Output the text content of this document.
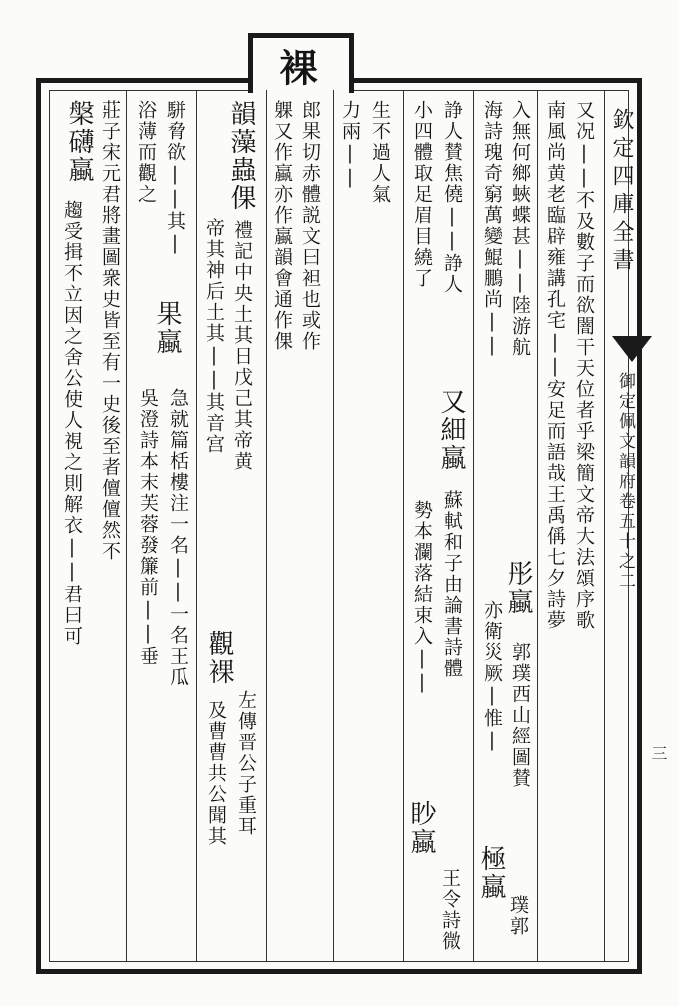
欽定四庫全書
御定佩文韻府卷五十之二
三
又况||不及數子而欲闇干天位者乎梁簡文帝大法頌序歌
南風尚黄老臨辟雍講孔宅||安足而語哉王禹偁七夕詩夢
入無何鄉蛺蝶甚||陸游航
彤蠃
郭璞西山經圖賛
海詩瑰奇窮萬變鯤鵬尚||
亦衛災厥|惟|
極蠃
璞郭
諍人賛焦僥||諍人
又細蠃
蘇軾和子由論書詩體
小四體取足眉目繞了
勢本瀾落結束入||
眇蠃
王令詩微
生不過人氣
力兩||
裸
郎果切赤體説文曰袒也或作
躶又作蠃亦作蠃韻會通作倮
韻藻蟲倮
禮記中央土其日戊己其帝黄
觀裸
左傳晋公子重耳
帝其神后土其||其音宫
及曹曹共公聞其
駢脅欲||其|
果蠃
急就篇栝樓注一名||一名王瓜
浴薄而觀之
吳澄詩本末芙蓉發簾前||垂
槃礴蠃 莊子宋元君將畫圖衆史皆至有一史後至者儃儃然不
趨受揖不立因之舍公使人視之則解衣||君曰可
